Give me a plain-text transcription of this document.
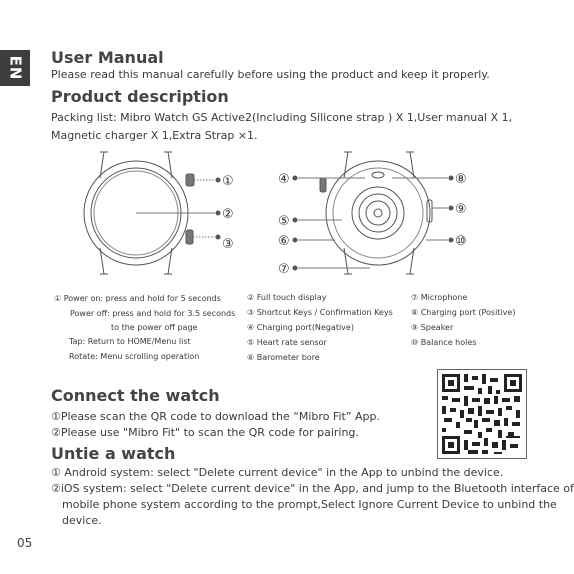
EN User Manual
Please read this manual carefully before using the product and keep it properly.
Product description
Packing list: Mibro Watch GS Active2(Including Silicone strap ) X 1,User manual X 1,
Magnetic charger X 1,Extra Strap ×1.
①
②
③
④
⑤
⑥
⑦
⑧
⑨
⑩
① Power on: press and hold for 5 seconds
Power off: press and hold for 3.5 seconds
to the power off page
Tap: Return to HOME/Menu list
Rotate: Menu scrolling operation
② Full touch display
③ Shortcut Keys / Confirmation Keys
④ Charging port(Negative)
⑤ Heart rate sensor
⑥ Barometer bore
⑦ Microphone
⑧ Charging port (Positive)
⑨ Speaker
⑩ Balance holes
Connect the watch
①Please scan the QR code to download the “Mibro Fit” App.
②Please use "Mibro Fit" to scan the QR code for pairing.
Untie a watch
① Android system: select "Delete current device" in the App to unbind the device.
②iOS system: select "Delete current device" in the App, and jump to the Bluetooth interface of
mobile phone system according to the prompt,Select Ignore Current Device to unbind the
device.
05
